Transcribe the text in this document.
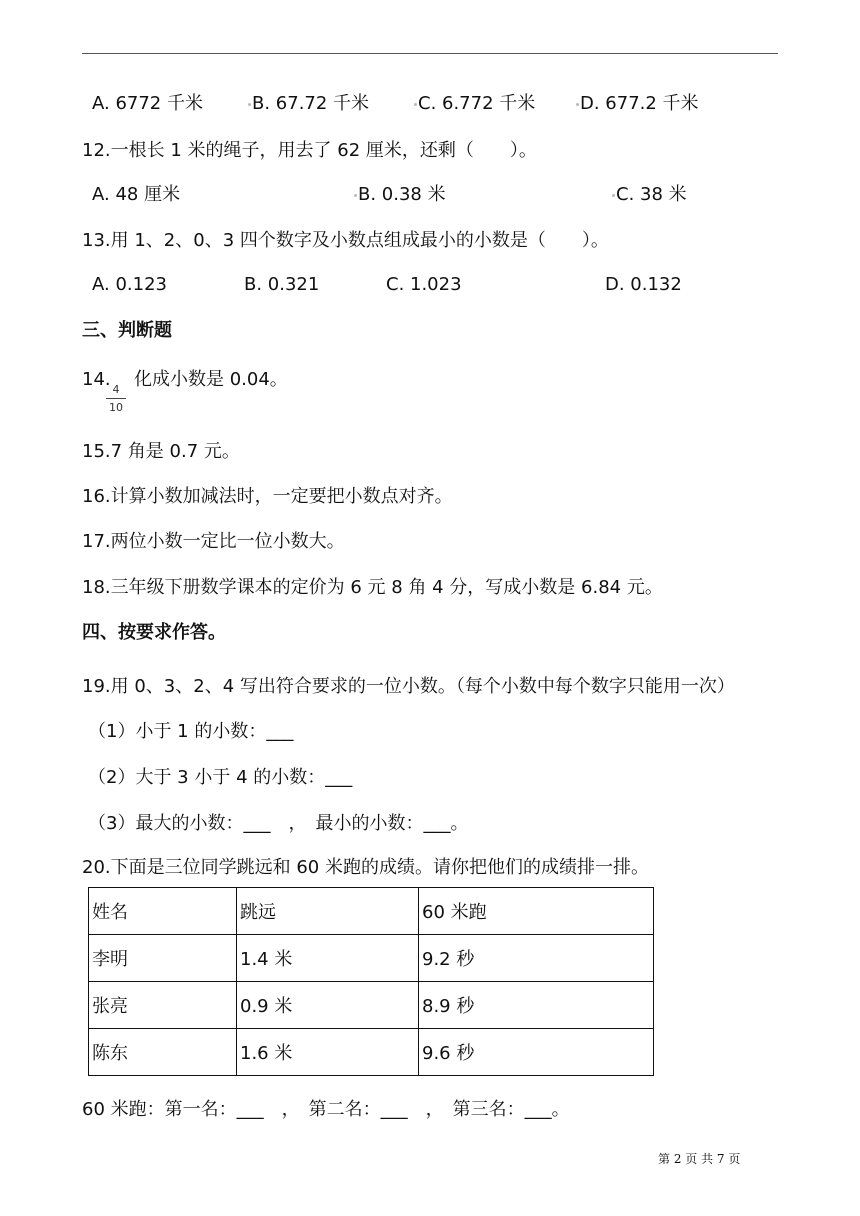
A. 6772 千米	B. 67.72 千米	C. 6.772 千米 D. 677.2 千米
12.一根长 1 米的绳子，用去了 62 厘米，还剩（　　）。
A. 48 厘米	B. 0.38 米	C. 38 米
13.用 1、2、0、3 四个数字及小数点组成最小的小数是（　　）。
A. 0.123	B. 0.321	C. 1.023	D. 0.132
三、判断题
14. 4
10
化成小数是 0.04。
15.7 角是 0.7 元。
16.计算小数加减法时，一定要把小数点对齐。
17.两位小数一定比一位小数大。
18.三年级下册数学课本的定价为 6 元 8 角 4 分，写成小数是 6.84 元。
四、按要求作答。
19.用 0、3、2、4 写出符合要求的一位小数。（每个小数中每个数字只能用一次）
（1）小于 1 的小数：___
（2）大于 3 小于 4 的小数：___
（3）最大的小数：___　，　最小的小数：___。
20.下面是三位同学跳远和 60 米跑的成绩。请你把他们的成绩排一排。
姓名	跳远	60 米跑
李明	1.4 米	9.2 秒
张亮	0.9 米	8.9 秒
陈东	1.6 米	9.6 秒
60 米跑：第一名：___　，　第二名：___　，　第三名：___。
第 2 页 共 7 页
